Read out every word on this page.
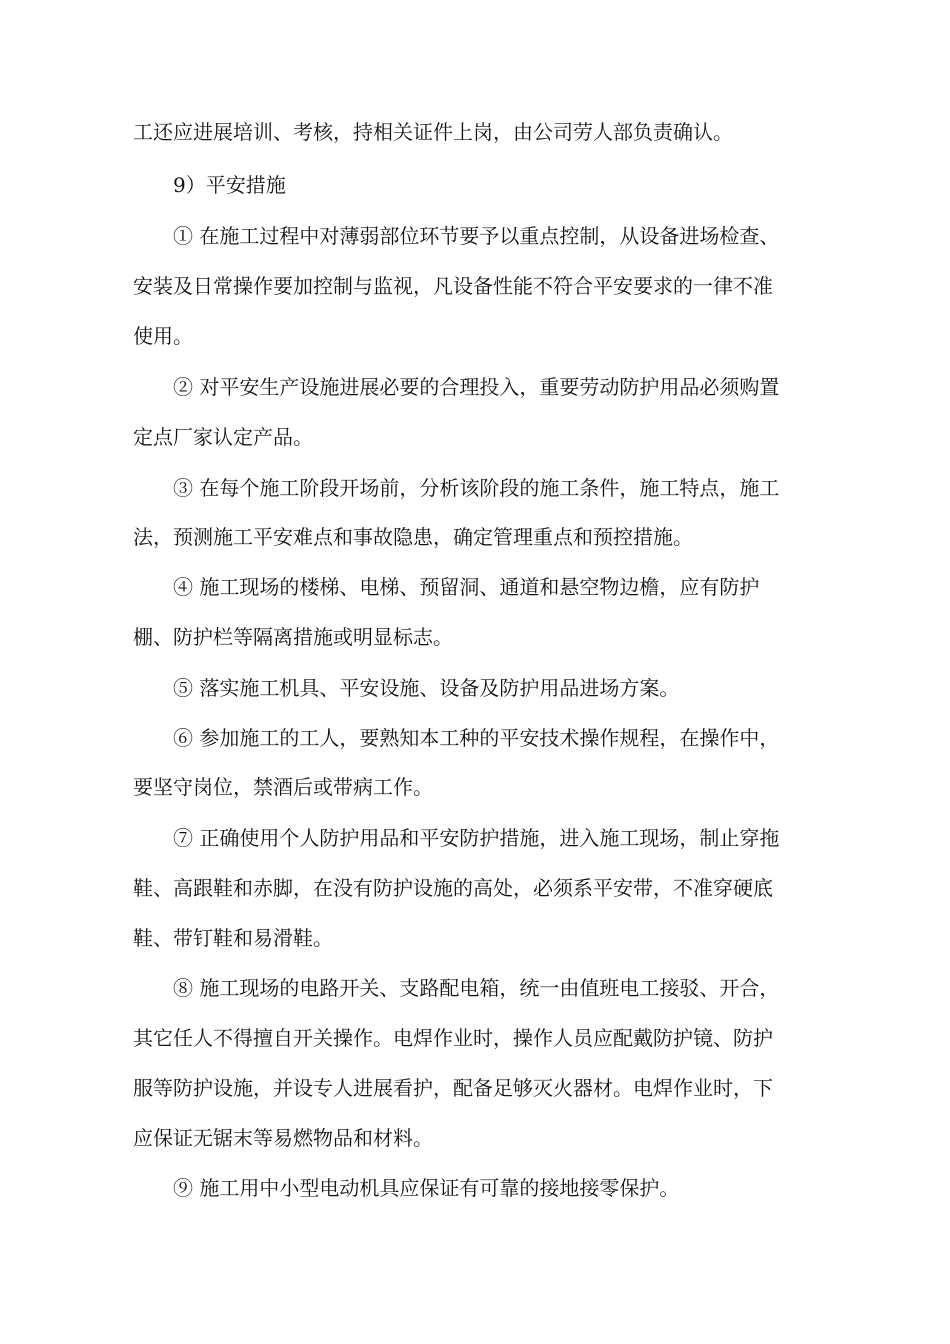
工还应进展培训、考核，持相关证件上岗，由公司劳人部负责确认。
9）平安措施
① 在施工过程中对薄弱部位环节要予以重点控制，从设备进场检查、
安装及日常操作要加控制与监视，凡设备性能不符合平安要求的一律不准
使用。
② 对平安生产设施进展必要的合理投入，重要劳动防护用品必须购置
定点厂家认定产品。
③ 在每个施工阶段开场前，分析该阶段的施工条件，施工特点，施工
法，预测施工平安难点和事故隐患，确定管理重点和预控措施。
④ 施工现场的楼梯、电梯、预留洞、通道和悬空物边檐，应有防护
棚、防护栏等隔离措施或明显标志。
⑤ 落实施工机具、平安设施、设备及防护用品进场方案。
⑥ 参加施工的工人，要熟知本工种的平安技术操作规程，在操作中，
要坚守岗位，禁酒后或带病工作。
⑦ 正确使用个人防护用品和平安防护措施，进入施工现场，制止穿拖
鞋、高跟鞋和赤脚，在没有防护设施的高处，必须系平安带，不准穿硬底
鞋、带钉鞋和易滑鞋。
⑧ 施工现场的电路开关、支路配电箱，统一由值班电工接驳、开合，
其它任人不得擅自开关操作。电焊作业时，操作人员应配戴防护镜、防护
服等防护设施，并设专人进展看护，配备足够灭火器材。电焊作业时，下
应保证无锯末等易燃物品和材料。
⑨ 施工用中小型电动机具应保证有可靠的接地接零保护。
